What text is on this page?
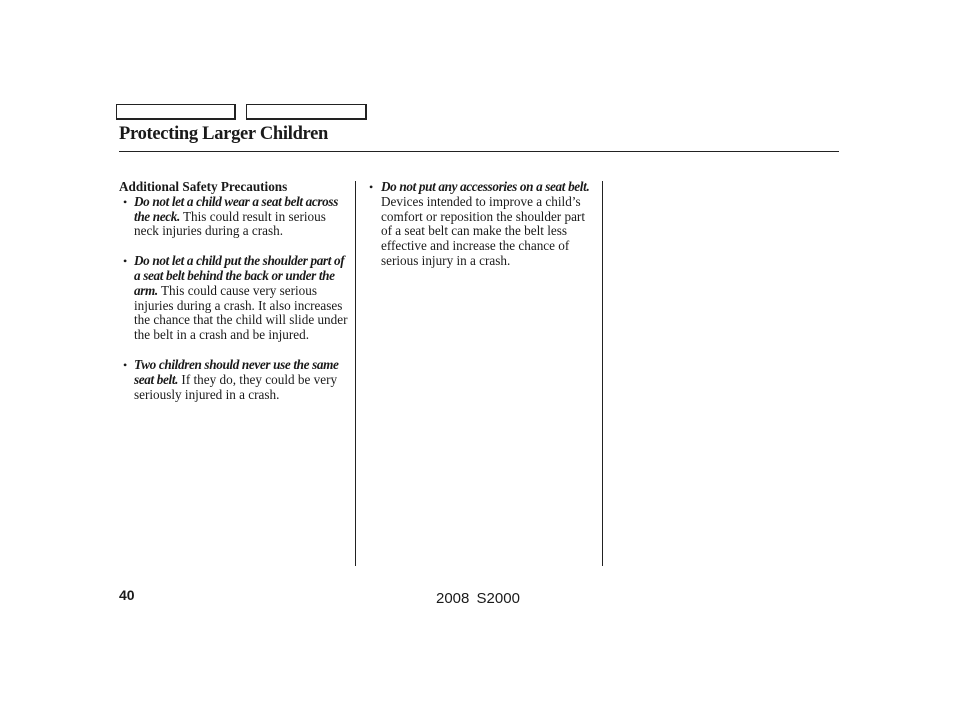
Protecting Larger Children
Additional Safety Precautions

• Do not let a child wear a seat belt across the neck. This could result in serious neck injuries during a crash.

• Do not let a child put the shoulder part of a seat belt behind the back or under the arm. This could cause very serious injuries during a crash. It also increases the chance that the child will slide under the belt in a crash and be injured.

• Two children should never use the same seat belt. If they do, they could be very seriously injured in a crash.

• Do not put any accessories on a seat belt. Devices intended to improve a child’s comfort or reposition the shoulder part of a seat belt can make the belt less effective and increase the chance of serious injury in a crash.

40	2008 S2000
